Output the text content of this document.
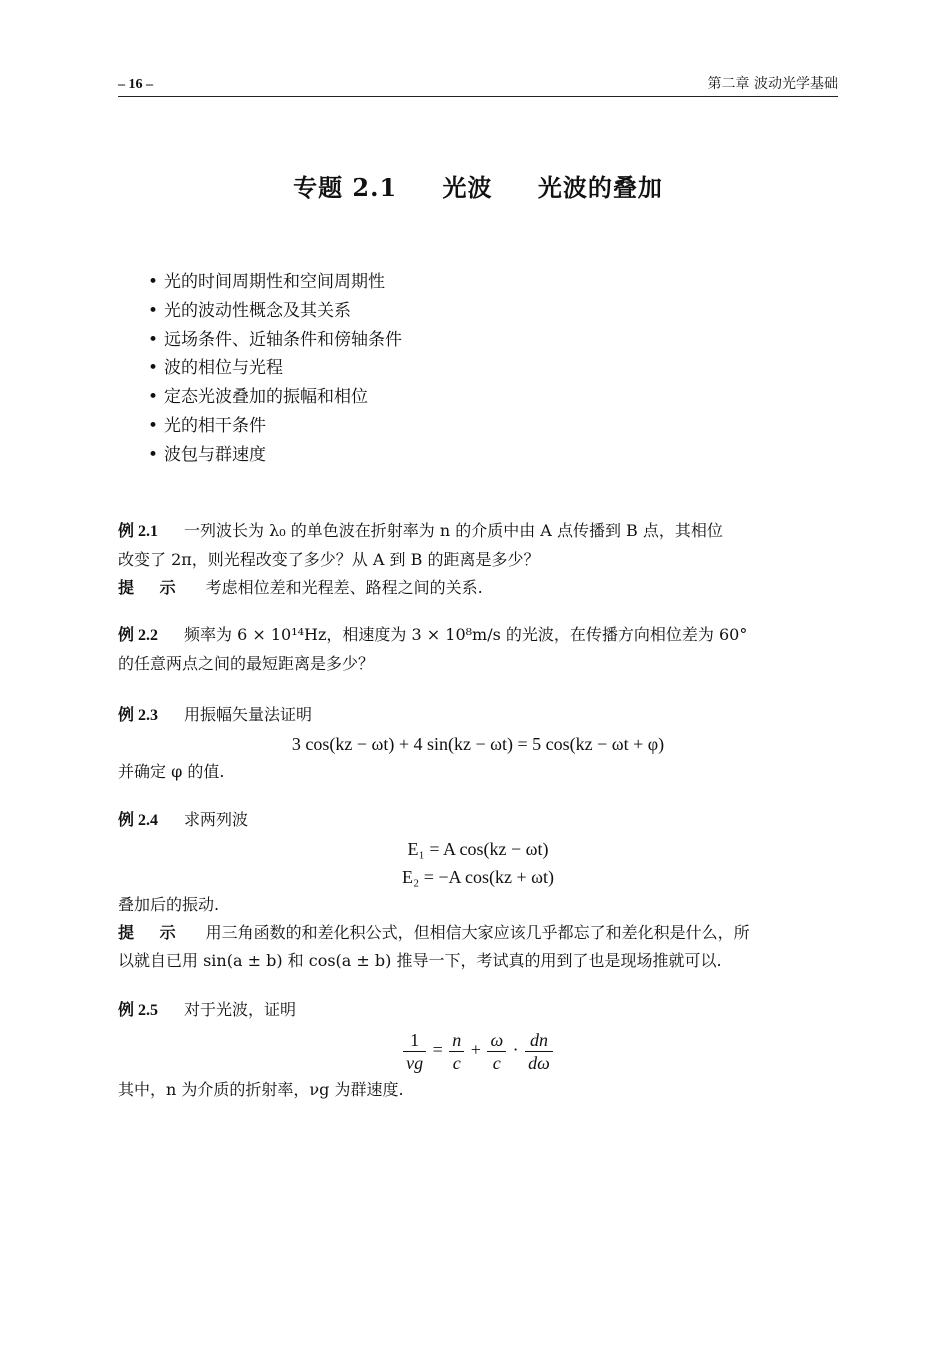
– 16 –	第二章 波动光学基础
专题 2.1 光波 光波的叠加
• 光的时间周期性和空间周期性
• 光的波动性概念及其关系
• 远场条件、近轴条件和傍轴条件
• 波的相位与光程
• 定态光波叠加的振幅和相位
• 光的相干条件
• 波包与群速度
例 2.1 一列波长为 λ₀ 的单色波在折射率为 n 的介质中由 A 点传播到 B 点，其相位
改变了 2π，则光程改变了多少？从 A 到 B 的距离是多少？
提 示 考虑相位差和光程差、路程之间的关系.
例 2.2 频率为 6 × 10¹⁴Hz，相速度为 3 × 10⁸m/s 的光波，在传播方向相位差为 60°
的任意两点之间的最短距离是多少？
例 2.3 用振幅矢量法证明
3 cos(kz − ωt) + 4 sin(kz − ωt) = 5 cos(kz − ωt + φ)
并确定 φ 的值.
例 2.4 求两列波
E₁ = A cos(kz − ωt)
E₂ = −A cos(kz + ωt)
叠加后的振动.
提 示 用三角函数的和差化积公式，但相信大家应该几乎都忘了和差化积是什么，所
以就自已用 sin(a ± b) 和 cos(a ± b) 推导一下，考试真的用到了也是现场推就可以.
例 2.5 对于光波，证明
$\frac{1}{\nu g} = \frac{n}{c} + \frac{\omega}{c} \cdot \frac{dn}{d\omega}$
其中，n 为介质的折射率，νg 为群速度.
